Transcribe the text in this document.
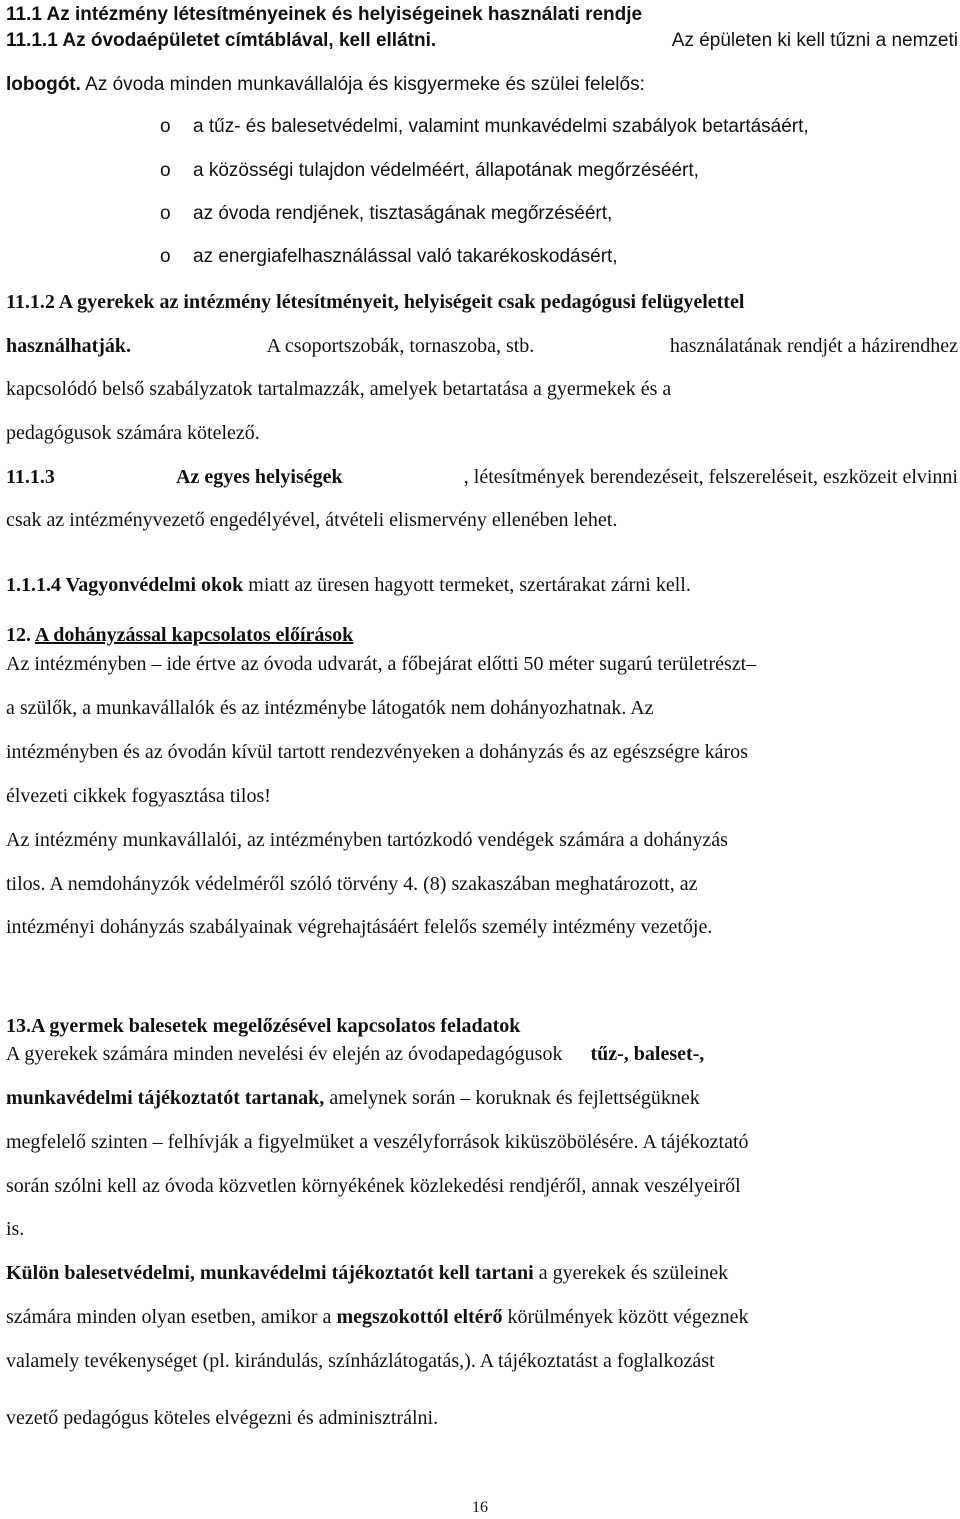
11.1 Az intézmény létesítményeinek és helyiségeinek használati rendje
11.1.1 Az óvodaépületet címtáblával, kell ellátni.	Az épületen ki kell tűzni a nemzeti
lobogót. Az óvoda minden munkavállalója és kisgyermeke és szülei felelős:
o a tűz- és balesetvédelmi, valamint munkavédelmi szabályok betartásáért,
o a közösségi tulajdon védelméért, állapotának megőrzéséért,
o az óvoda rendjének, tisztaságának megőrzéséért,
o az energiafelhasználással való takarékoskodásért,
11.1.2 A gyerekek az intézmény létesítményeit, helyiségeit csak pedagógusi felügyelettel
használhatják.	A csoportszobák, tornaszoba, stb.	használatának rendjét a házirendhez
kapcsolódó belső szabályzatok tartalmazzák, amelyek betartatása a gyermekek és a
pedagógusok számára kötelező.
11.1.3	Az egyes helyiségek	, létesítmények berendezéseit, felszereléseit, eszközeit elvinni
csak az intézményvezető engedélyével, átvételi elismervény ellenében lehet.
1.1.1.4 Vagyonvédelmi okok miatt az üresen hagyott termeket, szertárakat zárni kell.
12. A dohányzással kapcsolatos előírások
Az intézményben – ide értve az óvoda udvarát, a főbejárat előtti 50 méter sugarú területrészt–
a szülők, a munkavállalók és az intézménybe látogatók nem dohányozhatnak. Az
intézményben és az óvodán kívül tartott rendezvényeken a dohányzás és az egészségre káros
élvezeti cikkek fogyasztása tilos!
Az intézmény munkavállalói, az intézményben tartózkodó vendégek számára a dohányzás
tilos. A nemdohányzók védelméről szóló törvény 4. (8) szakaszában meghatározott, az
intézményi dohányzás szabályainak végrehajtásáért felelős személy intézmény vezetője.
13.A gyermek balesetek megelőzésével kapcsolatos feladatok
A gyerekek számára minden nevelési év elején az óvodapedagógusok tűz-, baleset-,
munkavédelmi tájékoztatót tartanak, amelynek során – koruknak és fejlettségüknek
megfelelő szinten – felhívják a figyelmüket a veszélyforrások kiküszöbölésére. A tájékoztató
során szólni kell az óvoda közvetlen környékének közlekedési rendjéről, annak veszélyeiről
is.
Külön balesetvédelmi, munkavédelmi tájékoztatót kell tartani a gyerekek és szüleinek
számára minden olyan esetben, amikor a megszokottól eltérő körülmények között végeznek
valamely tevékenységet (pl. kirándulás, színházlátogatás,). A tájékoztatást a foglalkozást
vezető pedagógus köteles elvégezni és adminisztrálni.
16
